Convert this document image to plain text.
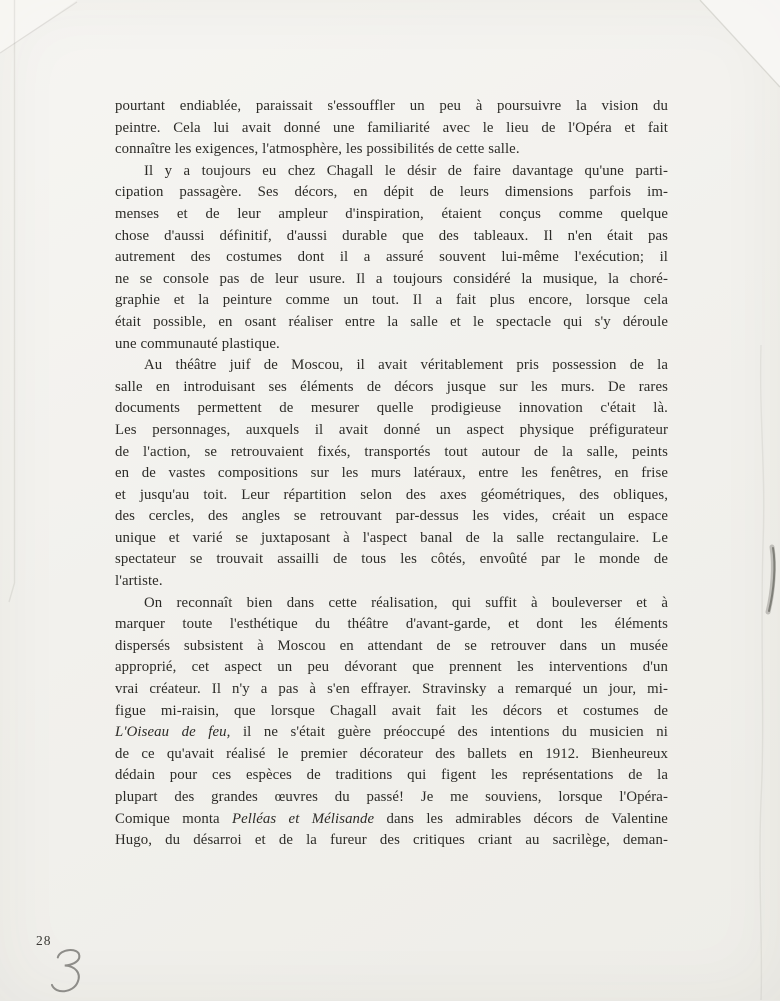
pourtant endiablée, paraissait s'essouffler un peu à poursuivre la vision du
peintre. Cela lui avait donné une familiarité avec le lieu de l'Opéra et fait
connaître les exigences, l'atmosphère, les possibilités de cette salle.
Il y a toujours eu chez Chagall le désir de faire davantage qu'une parti-
cipation passagère. Ses décors, en dépit de leurs dimensions parfois im-
menses et de leur ampleur d'inspiration, étaient conçus comme quelque
chose d'aussi définitif, d'aussi durable que des tableaux. Il n'en était pas
autrement des costumes dont il a assuré souvent lui-même l'exécution; il
ne se console pas de leur usure. Il a toujours considéré la musique, la choré-
graphie et la peinture comme un tout. Il a fait plus encore, lorsque cela
était possible, en osant réaliser entre la salle et le spectacle qui s'y déroule
une communauté plastique.
Au théâtre juif de Moscou, il avait véritablement pris possession de la
salle en introduisant ses éléments de décors jusque sur les murs. De rares
documents permettent de mesurer quelle prodigieuse innovation c'était là.
Les personnages, auxquels il avait donné un aspect physique préfigurateur
de l'action, se retrouvaient fixés, transportés tout autour de la salle, peints
en de vastes compositions sur les murs latéraux, entre les fenêtres, en frise
et jusqu'au toit. Leur répartition selon des axes géométriques, des obliques,
des cercles, des angles se retrouvant par-dessus les vides, créait un espace
unique et varié se juxtaposant à l'aspect banal de la salle rectangulaire. Le
spectateur se trouvait assailli de tous les côtés, envoûté par le monde de
l'artiste.
On reconnaît bien dans cette réalisation, qui suffit à bouleverser et à
marquer toute l'esthétique du théâtre d'avant-garde, et dont les éléments
dispersés subsistent à Moscou en attendant de se retrouver dans un musée
approprié, cet aspect un peu dévorant que prennent les interventions d'un
vrai créateur. Il n'y a pas à s'en effrayer. Stravinsky a remarqué un jour, mi-
figue mi-raisin, que lorsque Chagall avait fait les décors et costumes de
L'Oiseau de feu, il ne s'était guère préoccupé des intentions du musicien ni
de ce qu'avait réalisé le premier décorateur des ballets en 1912. Bienheureux
dédain pour ces espèces de traditions qui figent les représentations de la
plupart des grandes œuvres du passé! Je me souviens, lorsque l'Opéra-
Comique monta Pelléas et Mélisande dans les admirables décors de Valentine
Hugo, du désarroi et de la fureur des critiques criant au sacrilège, deman-
28
